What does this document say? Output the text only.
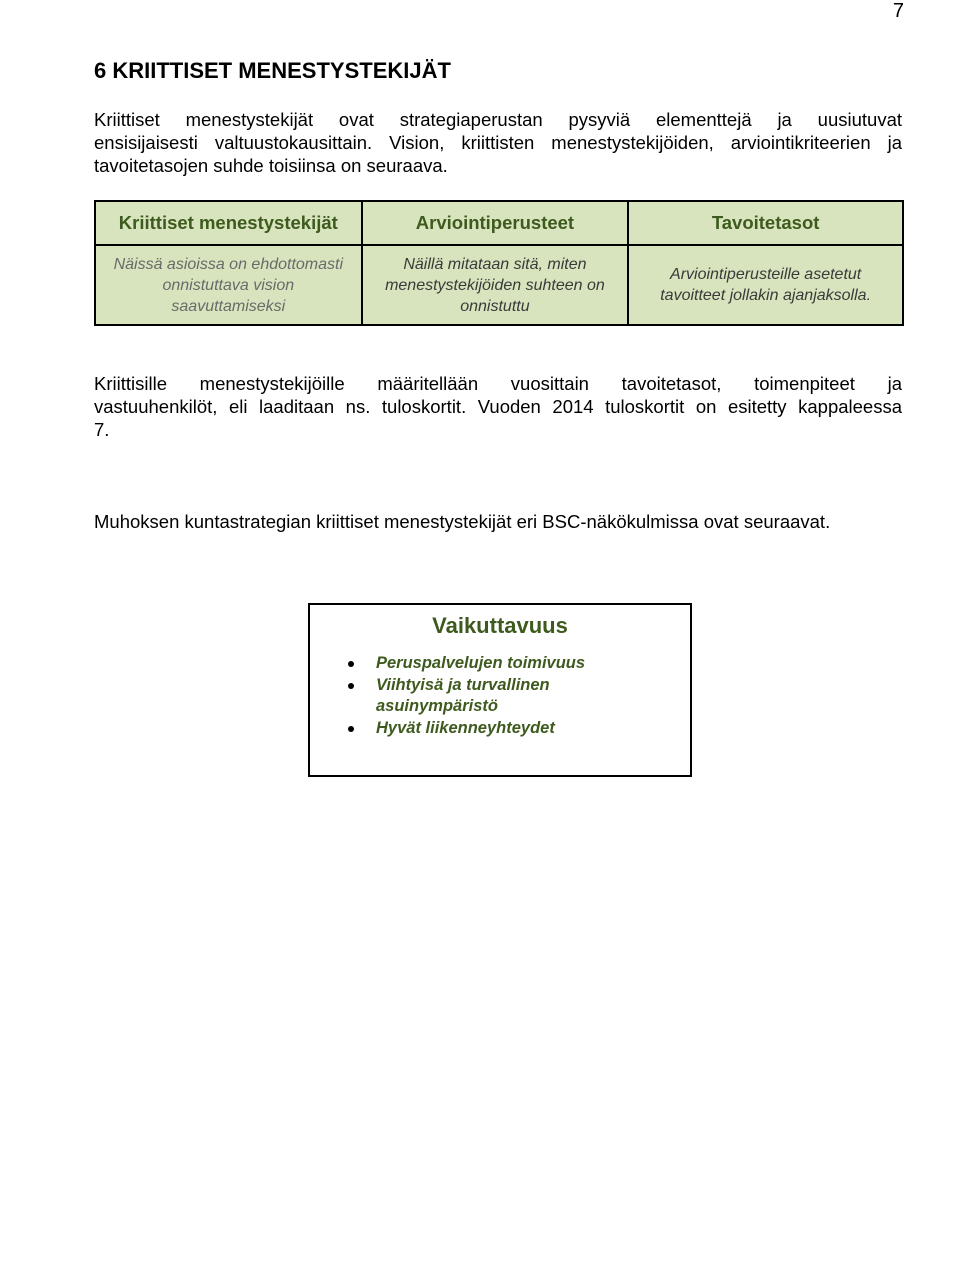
7
6 KRIITTISET MENESTYSTEKIJÄT
Kriittiset menestystekijät ovat strategiaperustan pysyviä elementtejä ja uusiutuvat
ensisijaisesti valtuustokausittain. Vision, kriittisten menestystekijöiden, arviointikriteerien ja
tavoitetasojen suhde toisiinsa on seuraava.
Kriittiset menestystekijät	Arviointiperusteet	Tavoitetasot
Näissä asioissa on ehdottomasti onnistuttava vision saavuttamiseksi	Näillä mitataan sitä, miten menestystekijöiden suhteen on onnistuttu	Arviointiperusteille asetetut tavoitteet jollakin ajanjaksolla.
Kriittisille menestystekijöille määritellään vuosittain tavoitetasot, toimenpiteet ja
vastuuhenkilöt, eli laaditaan ns. tuloskortit. Vuoden 2014 tuloskortit on esitetty kappaleessa
7.

Muhoksen kuntastrategian kriittiset menestystekijät eri BSC-näkökulmissa ovat seuraavat.

Vaikuttavuus
Peruspalvelujen toimivuus
Viihtyisä ja turvallinen asuinympäristö
Hyvät liikenneyhteydet
